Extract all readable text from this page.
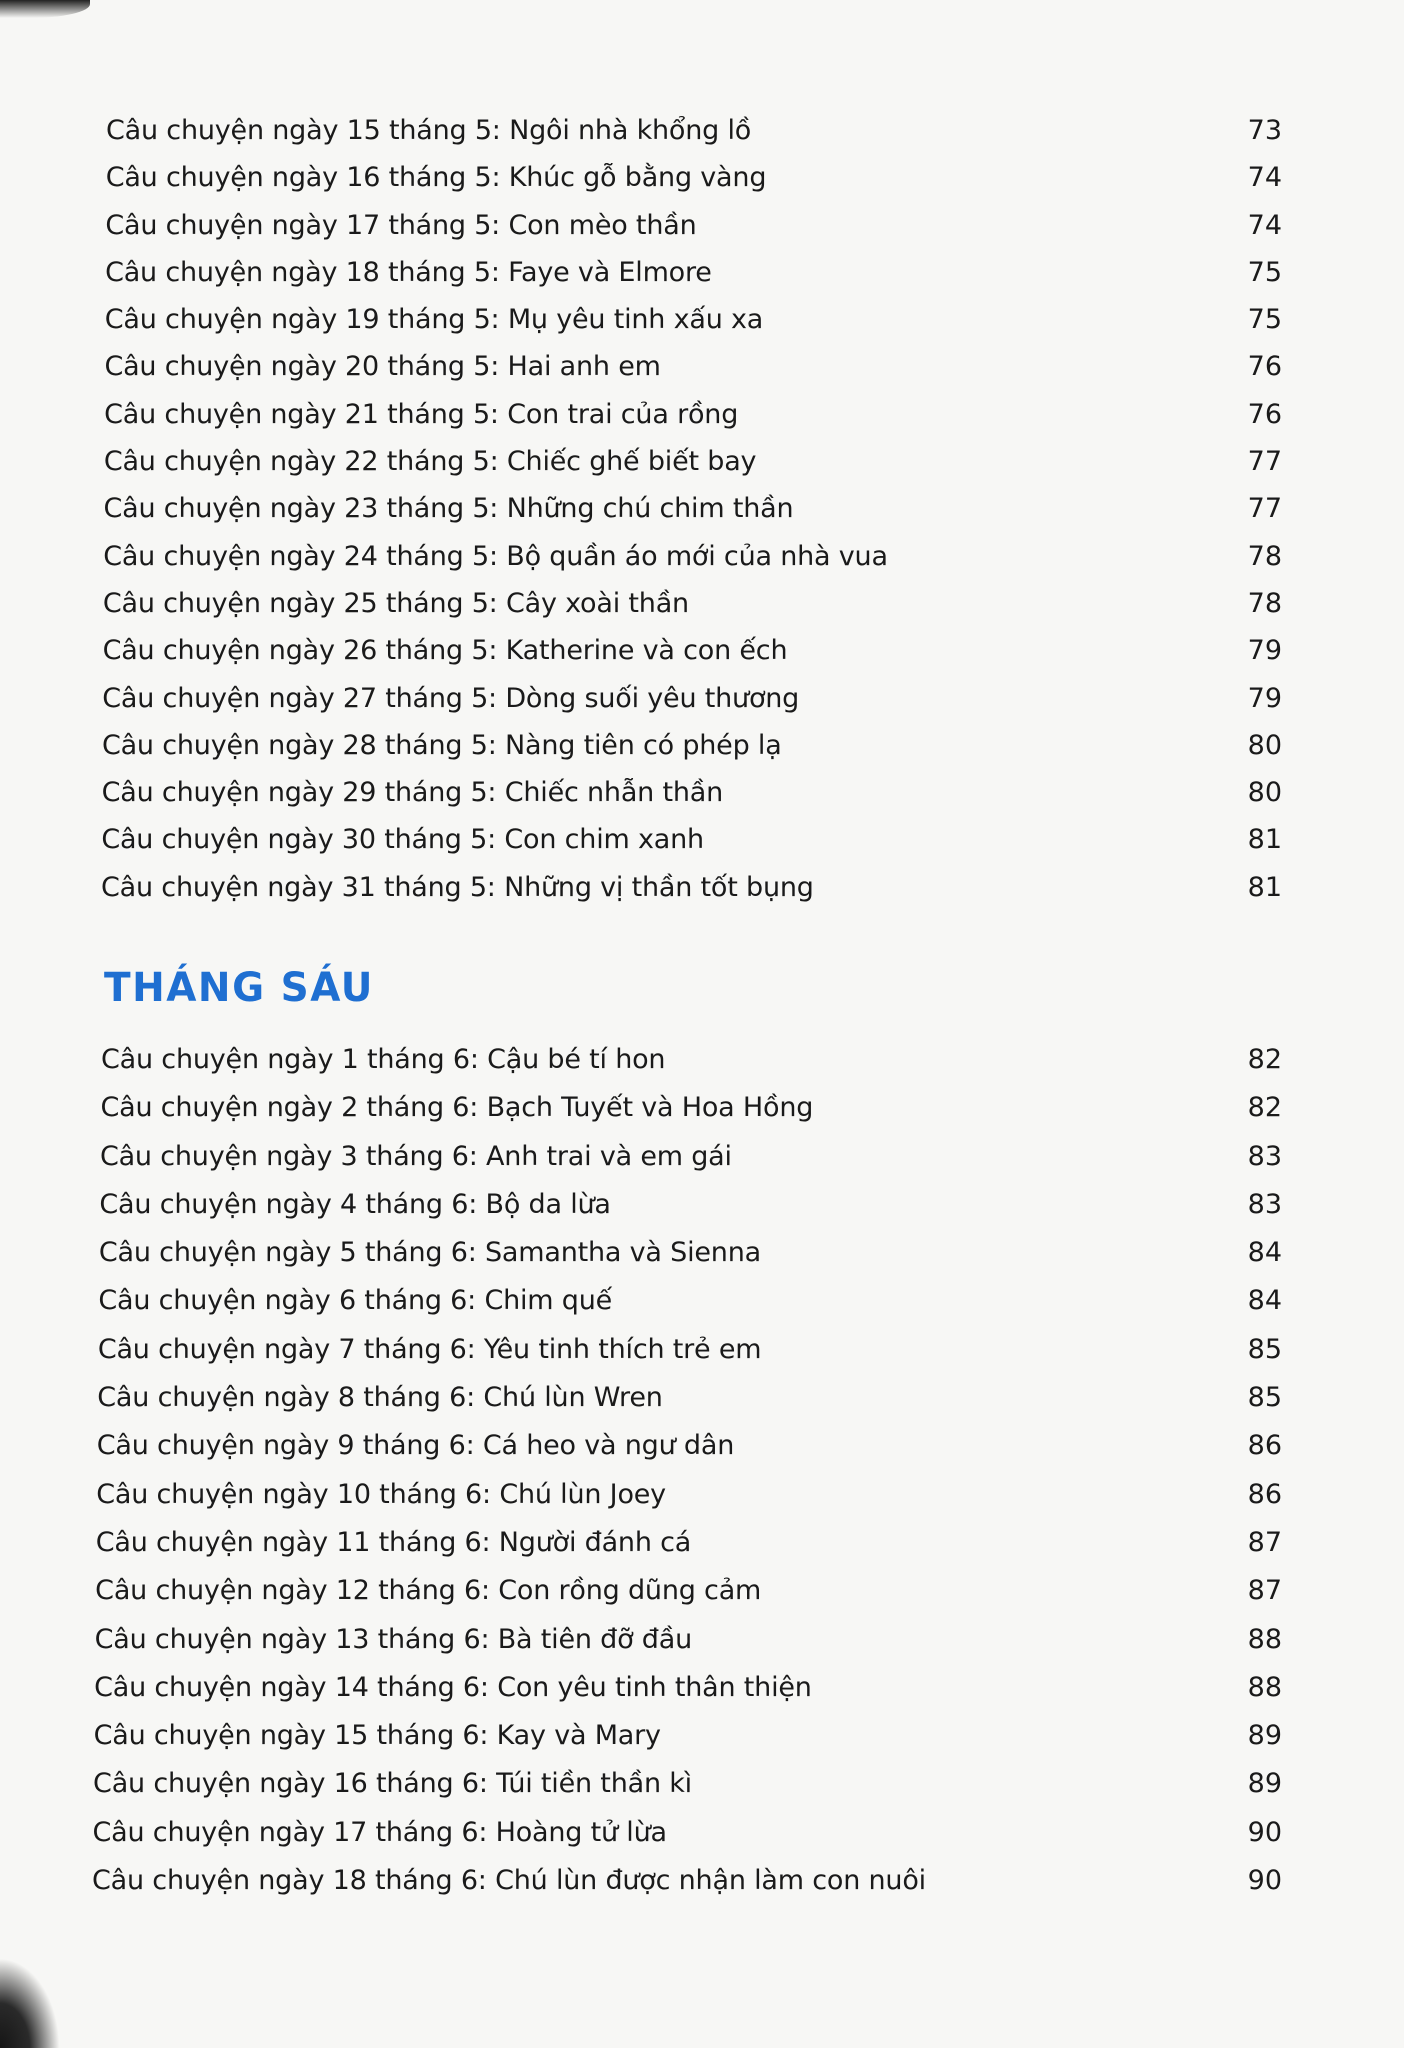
Câu chuyện ngày 15 tháng 5: Ngôi nhà khổng lồ	73
Câu chuyện ngày 16 tháng 5: Khúc gỗ bằng vàng	74
Câu chuyện ngày 17 tháng 5: Con mèo thần	74
Câu chuyện ngày 18 tháng 5: Faye và Elmore	75
Câu chuyện ngày 19 tháng 5: Mụ yêu tinh xấu xa	75
Câu chuyện ngày 20 tháng 5: Hai anh em	76
Câu chuyện ngày 21 tháng 5: Con trai của rồng	76
Câu chuyện ngày 22 tháng 5: Chiếc ghế biết bay	77
Câu chuyện ngày 23 tháng 5: Những chú chim thần	77
Câu chuyện ngày 24 tháng 5: Bộ quần áo mới của nhà vua	78
Câu chuyện ngày 25 tháng 5: Cây xoài thần	78
Câu chuyện ngày 26 tháng 5: Katherine và con ếch	79
Câu chuyện ngày 27 tháng 5: Dòng suối yêu thương	79
Câu chuyện ngày 28 tháng 5: Nàng tiên có phép lạ	80
Câu chuyện ngày 29 tháng 5: Chiếc nhẫn thần	80
Câu chuyện ngày 30 tháng 5: Con chim xanh	81
Câu chuyện ngày 31 tháng 5: Những vị thần tốt bụng	81
THÁNG SÁU
Câu chuyện ngày 1 tháng 6: Cậu bé tí hon	82
Câu chuyện ngày 2 tháng 6: Bạch Tuyết và Hoa Hồng	82
Câu chuyện ngày 3 tháng 6: Anh trai và em gái	83
Câu chuyện ngày 4 tháng 6: Bộ da lừa	83
Câu chuyện ngày 5 tháng 6: Samantha và Sienna	84
Câu chuyện ngày 6 tháng 6: Chim quế	84
Câu chuyện ngày 7 tháng 6: Yêu tinh thích trẻ em	85
Câu chuyện ngày 8 tháng 6: Chú lùn Wren	85
Câu chuyện ngày 9 tháng 6: Cá heo và ngư dân	86
Câu chuyện ngày 10 tháng 6: Chú lùn Joey	86
Câu chuyện ngày 11 tháng 6: Người đánh cá	87
Câu chuyện ngày 12 tháng 6: Con rồng dũng cảm	87
Câu chuyện ngày 13 tháng 6: Bà tiên đỡ đầu	88
Câu chuyện ngày 14 tháng 6: Con yêu tinh thân thiện	88
Câu chuyện ngày 15 tháng 6: Kay và Mary	89
Câu chuyện ngày 16 tháng 6: Túi tiền thần kì	89
Câu chuyện ngày 17 tháng 6: Hoàng tử lừa	90
Câu chuyện ngày 18 tháng 6: Chú lùn được nhận làm con nuôi	90
